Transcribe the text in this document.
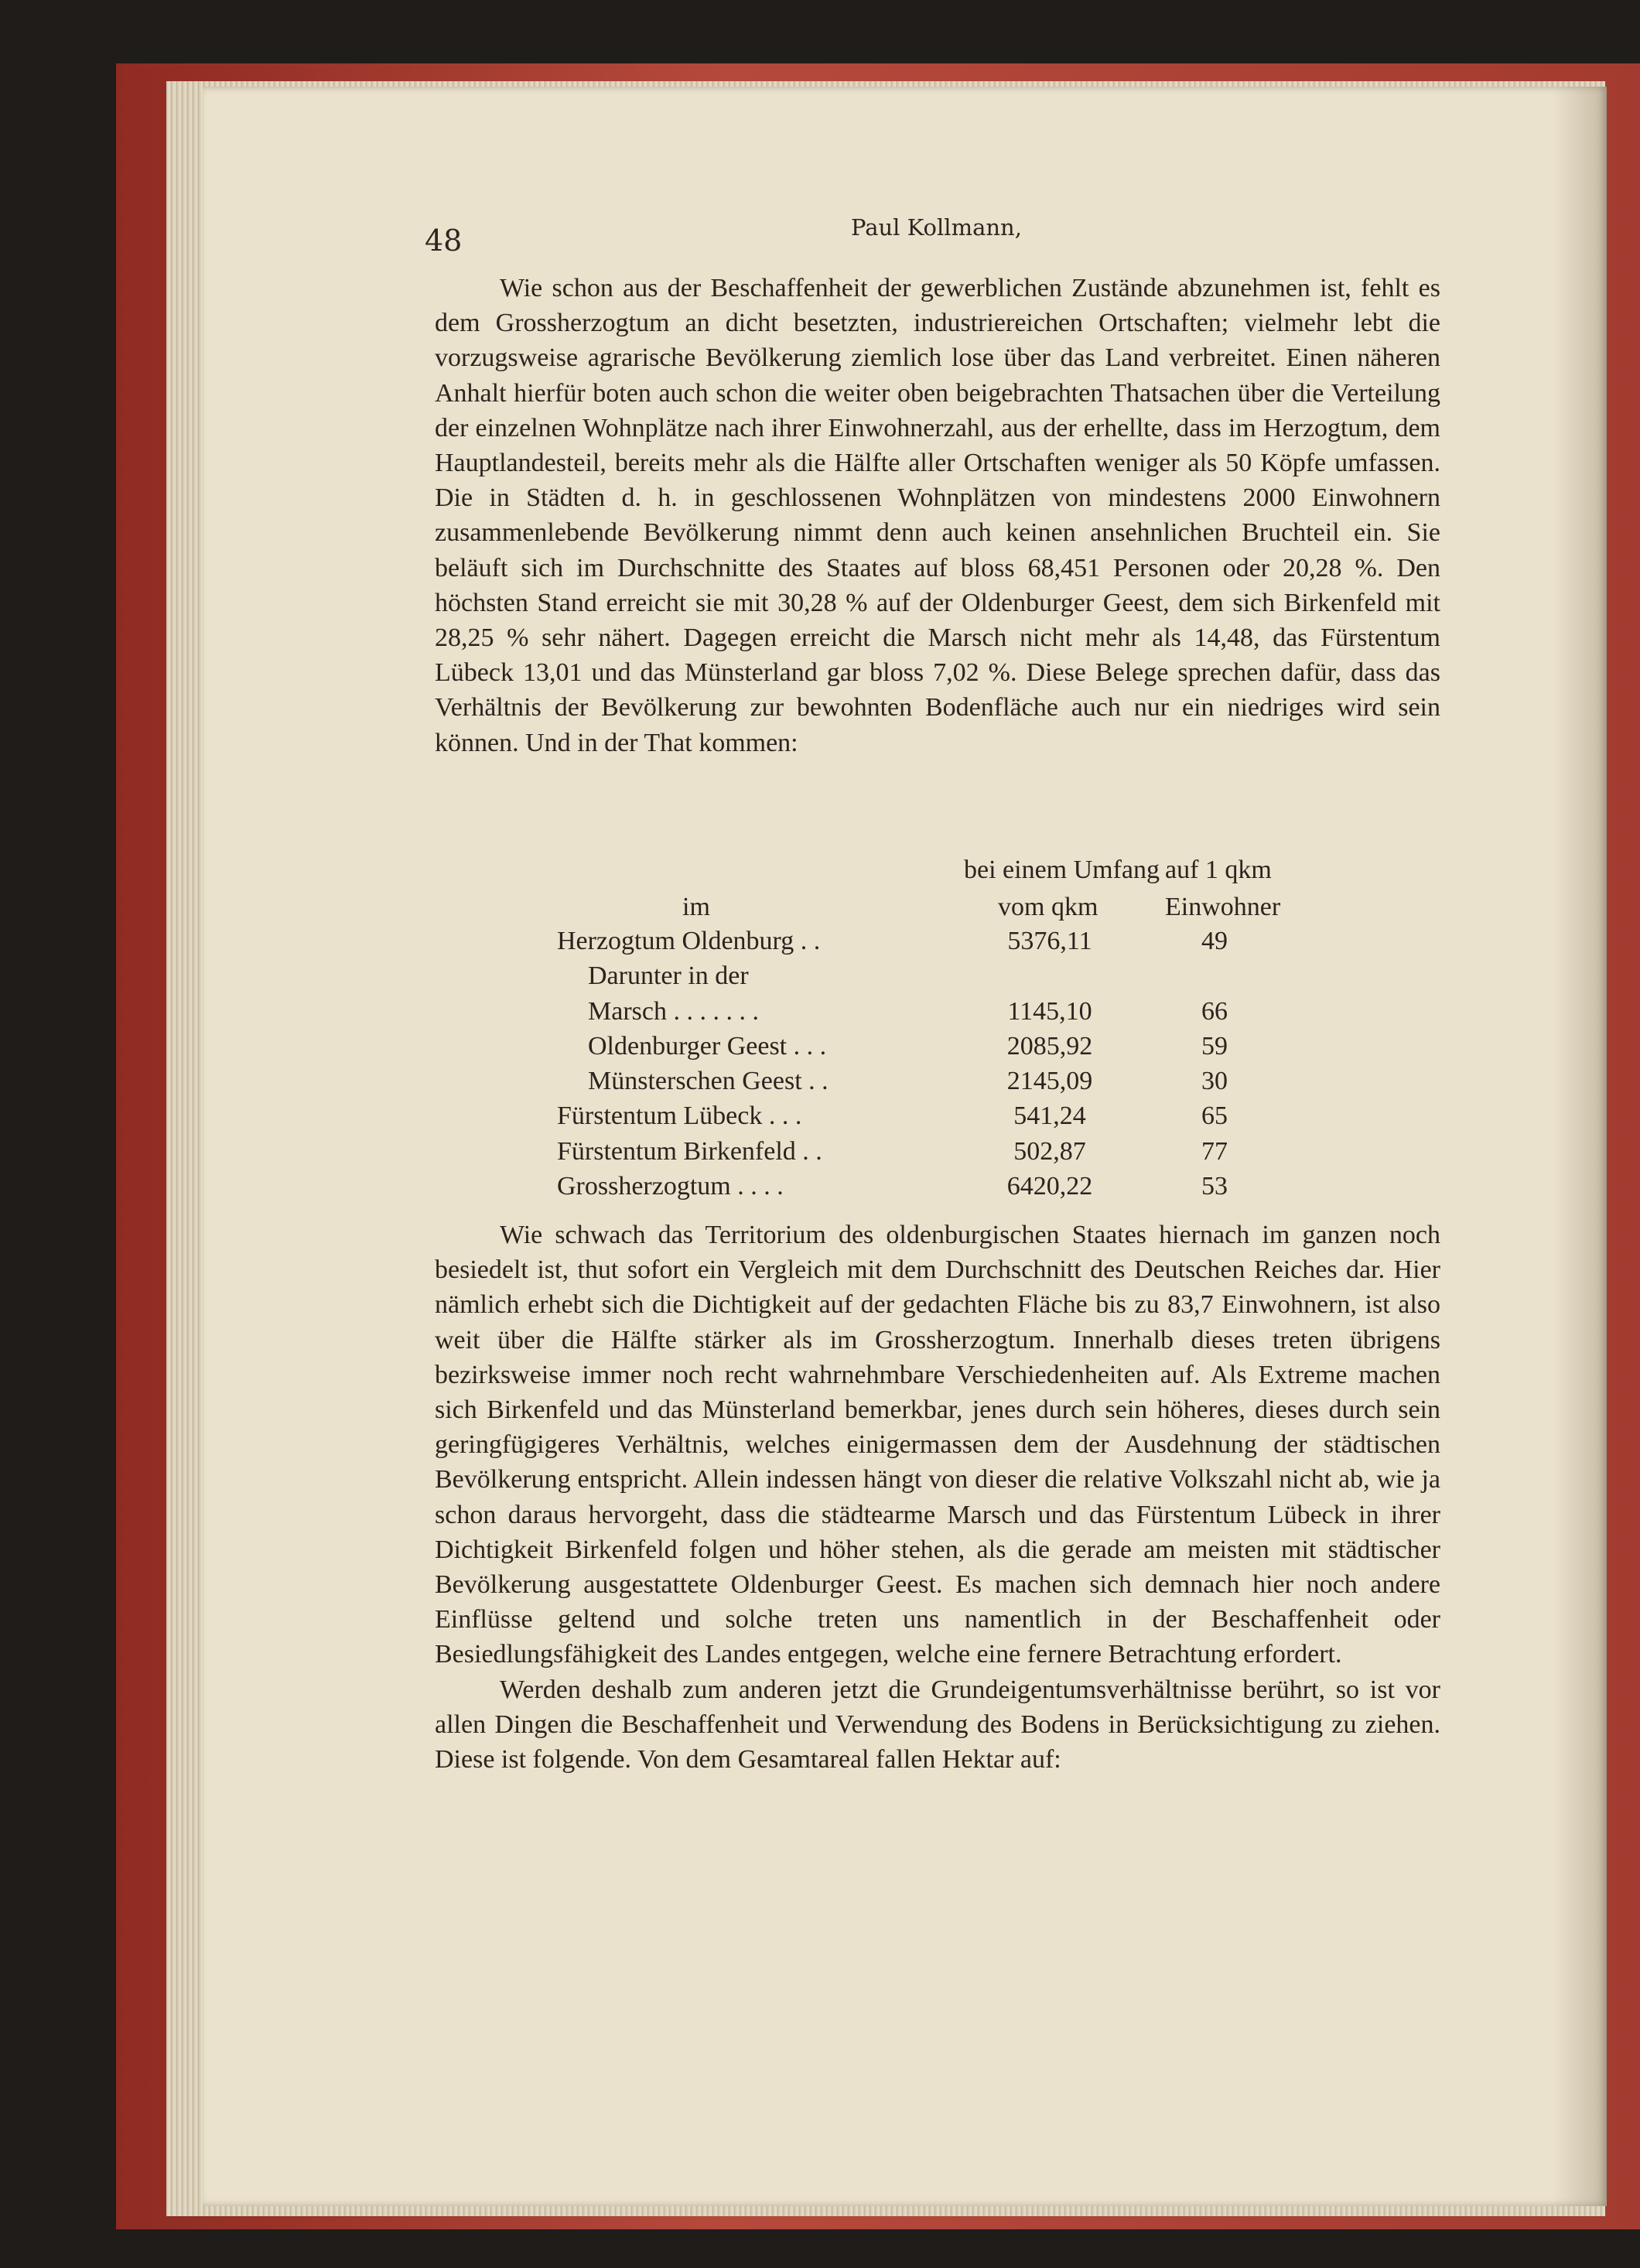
48	Paul Kollmann,

Wie schon aus der Beschaffenheit der gewerblichen Zustände abzunehmen ist, fehlt es dem Grossherzogtum an dicht besetzten, industriereichen Ortschaften; vielmehr lebt die vorzugsweise agrarische Bevölkerung ziemlich lose über das Land verbreitet. Einen näheren Anhalt hierfür boten auch schon die weiter oben beigebrachten Thatsachen über die Verteilung der einzelnen Wohnplätze nach ihrer Einwohnerzahl, aus der erhellte, dass im Herzogtum, dem Hauptlandesteil, bereits mehr als die Hälfte aller Ortschaften weniger als 50 Köpfe umfassen. Die in Städten d. h. in geschlossenen Wohnplätzen von mindestens 2000 Einwohnern zusammenlebende Bevölkerung nimmt denn auch keinen ansehnlichen Bruchteil ein. Sie beläuft sich im Durchschnitte des Staates auf bloss 68,451 Personen oder 20,28 %. Den höchsten Stand erreicht sie mit 30,28 % auf der Oldenburger Geest, dem sich Birkenfeld mit 28,25 % sehr nähert. Dagegen erreicht die Marsch nicht mehr als 14,48, das Fürstentum Lübeck 13,01 und das Münsterland gar bloss 7,02 %. Diese Belege sprechen dafür, dass das Verhältnis der Bevölkerung zur bewohnten Bodenfläche auch nur ein niedriges wird sein können. Und in der That kommen:

bei einem Umfang auf 1 qkm
im	vom qkm	Einwohner
Herzogtum Oldenburg . .	5376,11	49
Darunter in der
Marsch . . . . . . .	1145,10	66
Oldenburger Geest . . .	2085,92	59
Münsterschen Geest . .	2145,09	30
Fürstentum Lübeck . . .	541,24	65
Fürstentum Birkenfeld . .	502,87	77
Grossherzogtum . . . .	6420,22	53

Wie schwach das Territorium des oldenburgischen Staates hiernach im ganzen noch besiedelt ist, thut sofort ein Vergleich mit dem Durchschnitt des Deutschen Reiches dar. Hier nämlich erhebt sich die Dichtigkeit auf der gedachten Fläche bis zu 83,7 Einwohnern, ist also weit über die Hälfte stärker als im Grossherzogtum. Innerhalb dieses treten übrigens bezirksweise immer noch recht wahrnehmbare Verschiedenheiten auf. Als Extreme machen sich Birkenfeld und das Münsterland bemerkbar, jenes durch sein höheres, dieses durch sein geringfügigeres Verhältnis, welches einigermassen dem der Ausdehnung der städtischen Bevölkerung entspricht. Allein indessen hängt von dieser die relative Volkszahl nicht ab, wie ja schon daraus hervorgeht, dass die städtearme Marsch und das Fürstentum Lübeck in ihrer Dichtigkeit Birkenfeld folgen und höher stehen, als die gerade am meisten mit städtischer Bevölkerung ausgestattete Oldenburger Geest. Es machen sich demnach hier noch andere Einflüsse geltend und solche treten uns namentlich in der Beschaffenheit oder Besiedlungsfähigkeit des Landes entgegen, welche eine fernere Betrachtung erfordert.

Werden deshalb zum anderen jetzt die Grundeigentumsverhältnisse berührt, so ist vor allen Dingen die Beschaffenheit und Verwendung des Bodens in Berücksichtigung zu ziehen. Diese ist folgende. Von dem Gesamtareal fallen Hektar auf:
